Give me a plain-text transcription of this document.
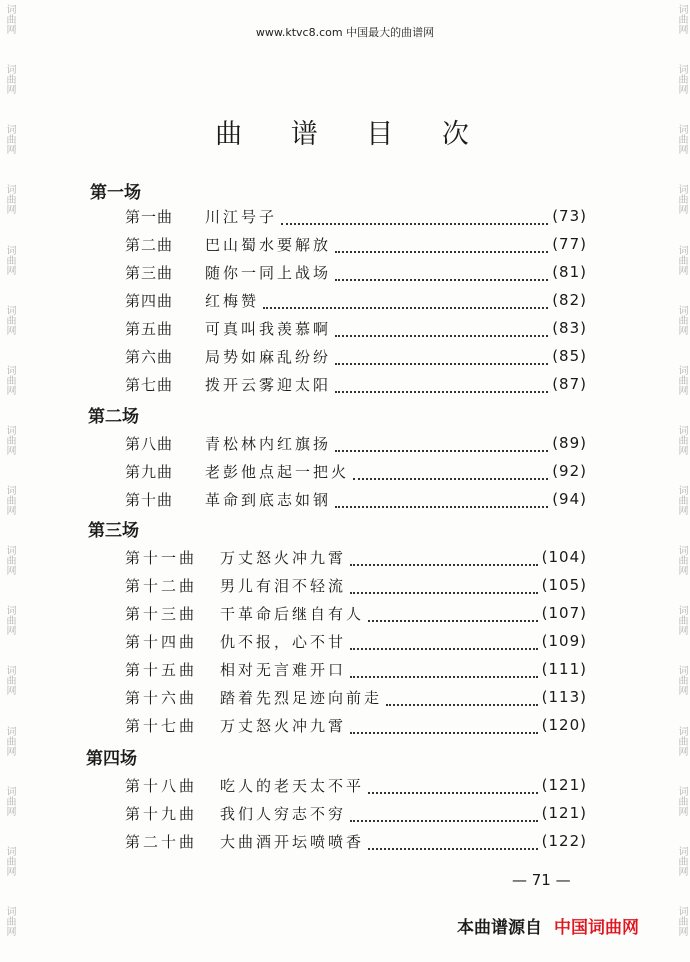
词曲网
词曲网
词曲网
词曲网
词曲网
词曲网
词曲网
词曲网
词曲网
词曲网
词曲网
词曲网
词曲网
词曲网
词曲网
词曲网
词曲网
词曲网
词曲网
词曲网
词曲网
词曲网
词曲网
词曲网
词曲网
词曲网
词曲网
词曲网
词曲网
词曲网
词曲网
词曲网
www.ktvc8.com 中国最大的曲谱网
曲 谱 目 次
第一场
第一曲	川江号子	(73)
第二曲	巴山蜀水要解放	(77)
第三曲	随你一同上战场	(81)
第四曲	红梅赞	(82)
第五曲	可真叫我羡慕啊	(83)
第六曲	局势如麻乱纷纷	(85)
第七曲	拨开云雾迎太阳	(87)
第二场
第八曲	青松林内红旗扬	(89)
第九曲	老彭他点起一把火	(92)
第十曲	革命到底志如钢	(94)
第三场
第十一曲	万丈怒火冲九霄	(104)
第十二曲	男儿有泪不轻流	(105)
第十三曲	干革命后继自有人	(107)
第十四曲	仇不报，心不甘	(109)
第十五曲	相对无言难开口	(111)
第十六曲	踏着先烈足迹向前走	(113)
第十七曲	万丈怒火冲九霄	(120)
第四场
第十八曲	吃人的老天太不平	(121)
第十九曲	我们人穷志不穷	(121)
第二十曲	大曲酒开坛喷喷香	(122)
— 71 —
本曲谱源自 中国词曲网
